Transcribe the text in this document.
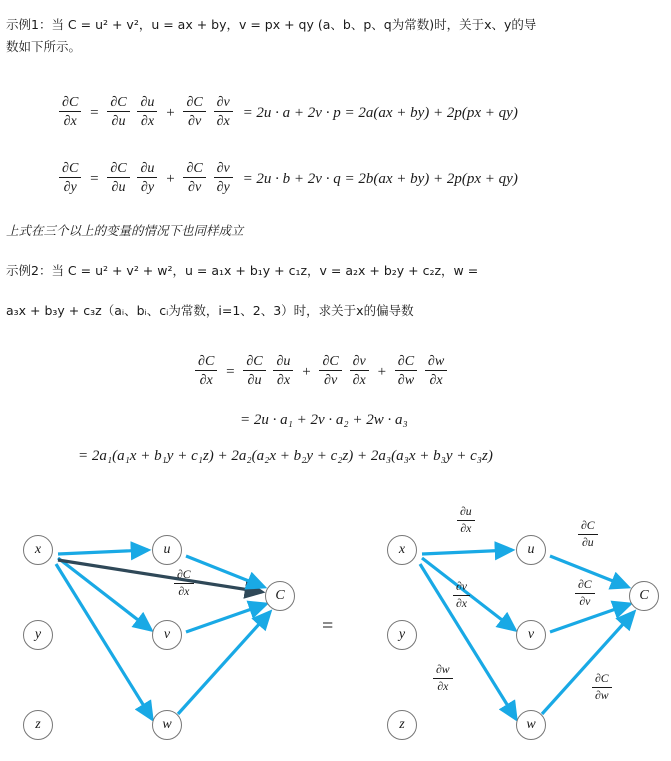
示例1：当 C = u² + v²，u = ax + by，v = px + qy (a、b、p、q为常数)时，关于x、y的导
数如下所示。
$\frac{\partial C}{\partial x} = \frac{\partial C}{\partial u}$
$\frac{\partial u}{\partial x} + \frac{\partial C}{\partial v}$
$\frac{\partial v}{\partial x} = 2u \cdot a + 2v \cdot p = 2a(ax + by) + 2p(px + qy)$
$\frac{\partial C}{\partial y} = \frac{\partial C}{\partial u}$
$\frac{\partial u}{\partial y} + \frac{\partial C}{\partial v}$
$\frac{\partial v}{\partial y} = 2u \cdot b + 2v \cdot q = 2b(ax + by) + 2p(px + qy)$
上式在三个以上的变量的情况下也同样成立
示例2：当 C = u² + v² + w²，u = a₁x + b₁y + c₁z，v = a₂x + b₂y + c₂z，w =
a₃x + b₃y + c₃z（aᵢ、bᵢ、cᵢ为常数，i=1、2、3）时，求关于x的偏导数
$\frac{\partial C}{\partial x} = \frac{\partial C}{\partial u}$
$\frac{\partial u}{\partial x} + \frac{\partial C}{\partial v}$
$\frac{\partial v}{\partial x} + \frac{\partial C}{\partial w}$
$\frac{\partial w}{\partial x}$
= 2u · a₁ + 2v · a₂ + 2w · a₃
= 2a₁(a₁x + b₁y + c₁z) + 2a₂(a₂x + b₂y + c₂z) + 2a₃(a₃x + b₃y + c₃z)
x
y
z
u
v
w
C
$\frac{\partial C}{\partial x}$
=
x
y
z
u
v
w
C
$\frac{\partial u}{\partial x}$
$\frac{\partial v}{\partial x}$
$\frac{\partial w}{\partial x}$
$\frac{\partial C}{\partial u}$
$\frac{\partial C}{\partial v}$
$\frac{\partial C}{\partial w}$
